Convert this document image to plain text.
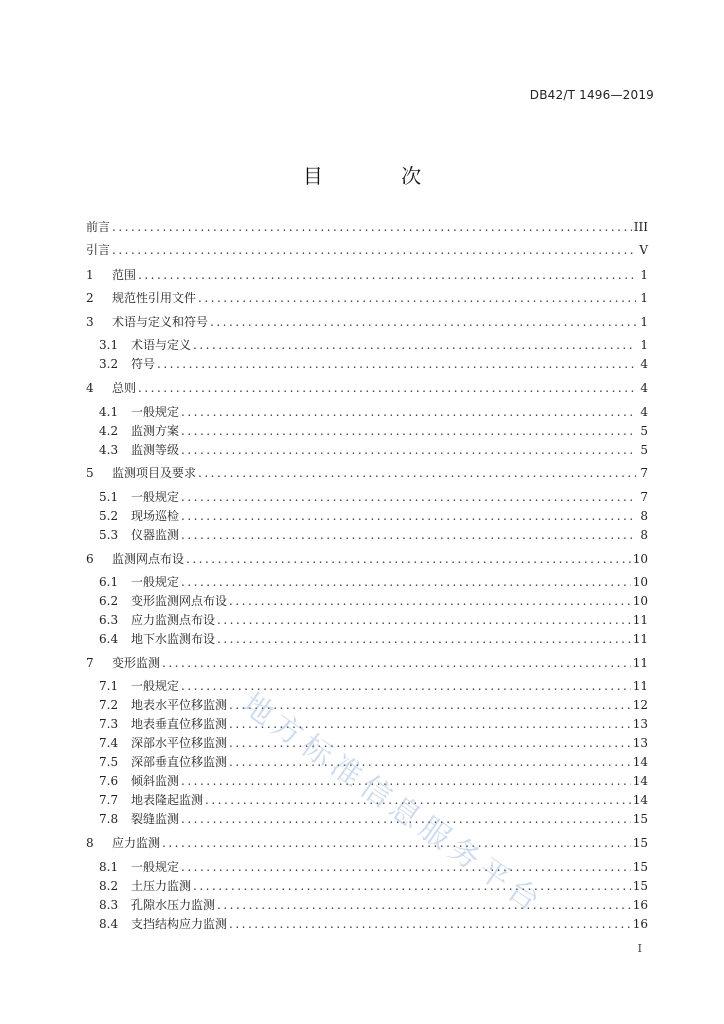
DB42/T 1496—2019
目 次
前言 .....	III
引言 .....	V
1	范围 .....	1
2	规范性引用文件 .....	1
3	术语与定义和符号 .....	1
3.1	术语与定义 .....	1
3.2	符号 .....	4
4	总则 .....	4
4.1	一般规定 .....	4
4.2	监测方案 .....	5
4.3	监测等级 .....	5
5	监测项目及要求 .....	7
5.1	一般规定 .....	7
5.2	现场巡检 .....	8
5.3	仪器监测 .....	8
6	监测网点布设 .....	10
6.1	一般规定 .....	10
6.2	变形监测网点布设 .....	10
6.3	应力监测点布设 .....	11
6.4	地下水监测布设 .....	11
7	变形监测 .....	11
7.1	一般规定 .....	11
7.2	地表水平位移监测 .....	12
7.3	地表垂直位移监测 .....	13
7.4	深部水平位移监测 .....	13
7.5	深部垂直位移监测 .....	14
7.6	倾斜监测 .....	14
7.7	地表隆起监测 .....	14
7.8	裂缝监测 .....	15
8	应力监测 .....	15
8.1	一般规定 .....	15
8.2	土压力监测 .....	15
8.3	孔隙水压力监测 .....	16
8.4	支挡结构应力监测 .....	16
I
地方标准信息服务平台
